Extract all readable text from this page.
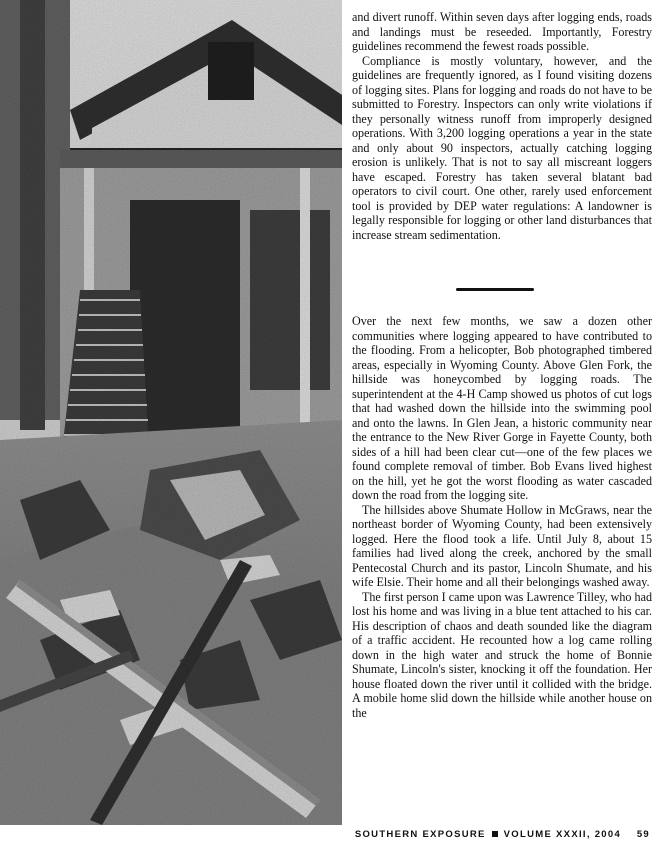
and divert runoff. Within seven days after logging ends, roads and landings must be reseeded. Importantly, Forestry guidelines recommend the fewest roads possible.

Compliance is mostly voluntary, however, and the guidelines are frequently ignored, as I found visiting dozens of logging sites. Plans for logging and roads do not have to be submitted to Forestry. Inspectors can only write violations if they personally witness runoff from improperly designed operations. With 3,200 logging operations a year in the state and only about 90 inspectors, actually catching logging erosion is unlikely. That is not to say all miscreant loggers have escaped. Forestry has taken several blatant bad operators to civil court. One other, rarely used enforcement tool is provided by DEP water regulations: A landowner is legally responsible for logging or other land disturbances that increase stream sedimentation.

Over the next few months, we saw a dozen other communities where logging appeared to have contributed to the flooding. From a helicopter, Bob photographed timbered areas, especially in Wyoming County. Above Glen Fork, the hillside was honeycombed by logging roads. The superintendent at the 4-H Camp showed us photos of cut logs that had washed down the hillside into the swimming pool and onto the lawns. In Glen Jean, a historic community near the entrance to the New River Gorge in Fayette County, both sides of a hill had been clear cut—one of the few places we found complete removal of timber. Bob Evans lived highest on the hill, yet he got the worst flooding as water cascaded down the road from the logging site.

The hillsides above Shumate Hollow in McGraws, near the northeast border of Wyoming County, had been extensively logged. Here the flood took a life. Until July 8, about 15 families had lived along the creek, anchored by the small Pentecostal Church and its pastor, Lincoln Shumate, and his wife Elsie. Their home and all their belongings washed away.

The first person I came upon was Lawrence Tilley, who had lost his home and was living in a blue tent attached to his car. His description of chaos and death sounded like the diagram of a traffic accident. He recounted how a log came rolling down in the high water and struck the home of Bonnie Shumate, Lincoln's sister, knocking it off the foundation. Her house floated down the river until it collided with the bridge. A mobile home slid down the hillside while another house on the

SOUTHERN EXPOSURE VOLUME XXXII, 2004 59
